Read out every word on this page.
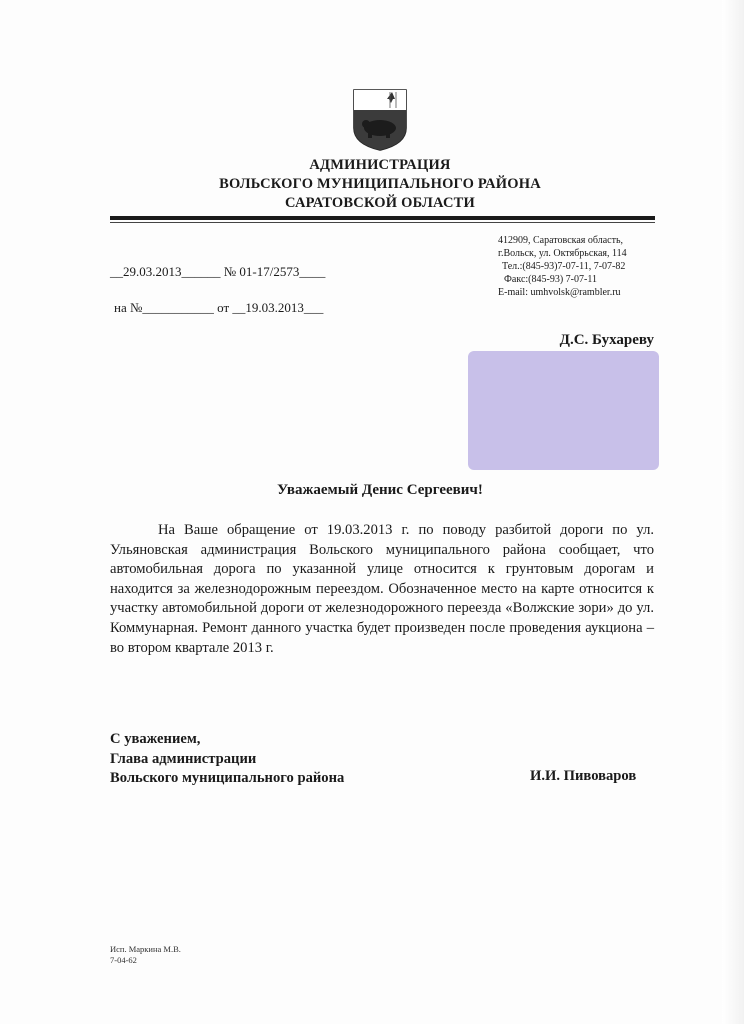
АДМИНИСТРАЦИЯ
ВОЛЬСКОГО МУНИЦИПАЛЬНОГО РАЙОНА
САРАТОВСКОЙ ОБЛАСТИ
412909, Саратовская область,
г.Вольск, ул. Октябрьская, 114
Тел.:(845-93)7-07-11, 7-07-82
Факс:(845-93) 7-07-11
E-mail: umhvolsk@rambler.ru
__29.03.2013______ № 01-17/2573____
на №___________ от __19.03.2013___
Д.С. Бухареву
Уважаемый Денис Сергеевич!
На Ваше обращение от 19.03.2013 г. по поводу разбитой дороги по ул. Ульяновская администрация Вольского муниципального района сообщает, что автомобильная дорога по указанной улице относится к грунтовым дорогам и находится за железнодорожным переездом. Обозначенное место на карте относится к участку автомобильной дороги от железнодорожного переезда «Волжские зори» до ул. Коммунарная. Ремонт данного участка будет произведен после проведения аукциона – во втором квартале 2013 г.
С уважением,
Глава администрации
Вольского муниципального района	И.И. Пивоваров
Исп. Маркина М.В.
7-04-62
